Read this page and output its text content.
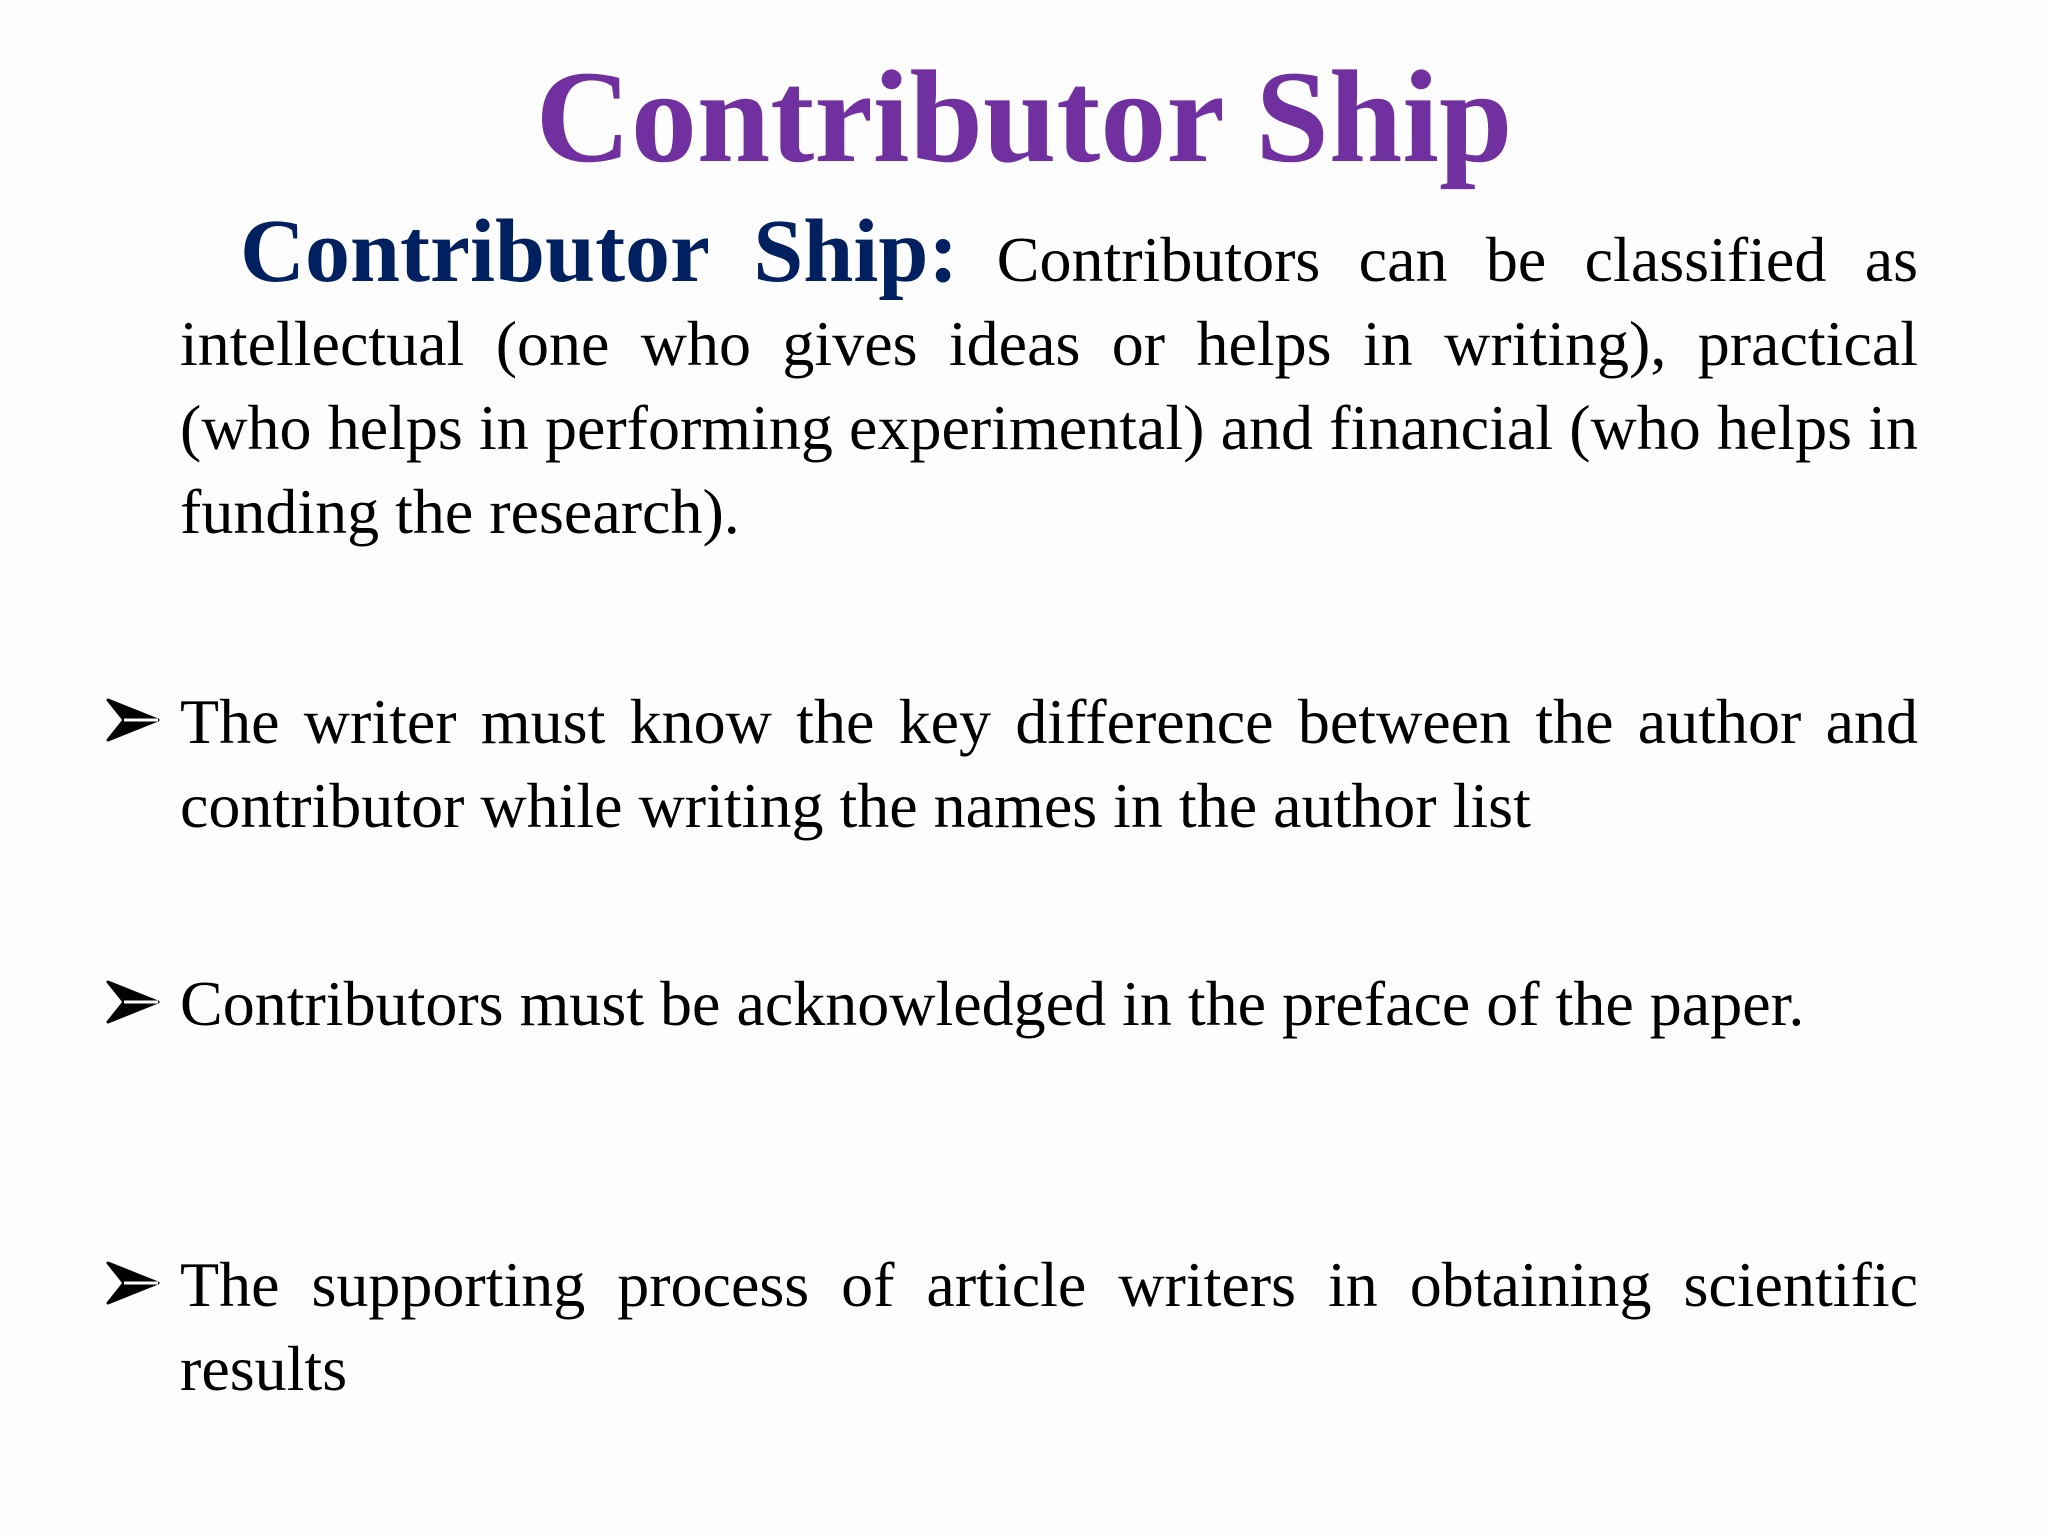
Contributor Ship
Contributor Ship: Contributors can be classified as intellectual (one who gives ideas or helps in writing), practical (who helps in performing experimental) and financial (who helps in funding the research).
The writer must know the key difference between the author and contributor while writing the names in the author list
Contributors must be acknowledged in the preface of the paper.
The supporting process of article writers in obtaining scientific results
